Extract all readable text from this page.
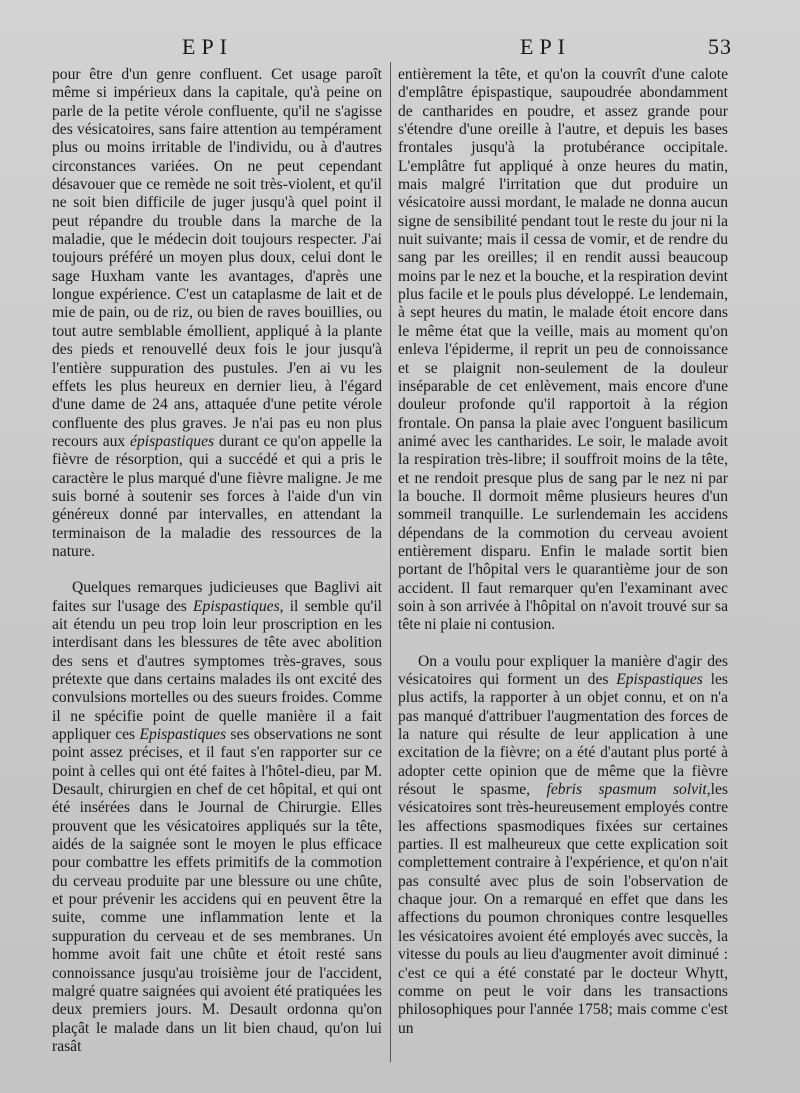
EPI	EPI	53

pour être d'un genre confluent. Cet usage paroît même si impérieux dans la capitale, qu'à peine on parle de la petite vérole confluente, qu'il ne s'agisse des vésicatoires, sans faire attention au tempérament plus ou moins irritable de l'individu, ou à d'autres circonstances variées. On ne peut cependant désavouer que ce remède ne soit très-violent, et qu'il ne soit bien difficile de juger jusqu'à quel point il peut répandre du trouble dans la marche de la maladie, que le médecin doit toujours respecter. J'ai toujours préféré un moyen plus doux, celui dont le sage Huxham vante les avantages, d'après une longue expérience. C'est un cataplasme de lait et de mie de pain, ou de riz, ou bien de raves bouillies, ou tout autre semblable émollient, appliqué à la plante des pieds et renouvellé deux fois le jour jusqu'à l'entière suppuration des pustules. J'en ai vu les effets les plus heureux en dernier lieu, à l'égard d'une dame de 24 ans, attaquée d'une petite vérole confluente des plus graves. Je n'ai pas eu non plus recours aux épispastiques durant ce qu'on appelle la fièvre de résorption, qui a succédé et qui a pris le caractère le plus marqué d'une fièvre maligne. Je me suis borné à soutenir ses forces à l'aide d'un vin généreux donné par intervalles, en attendant la terminaison de la maladie des ressources de la nature.

Quelques remarques judicieuses que Baglivi ait faites sur l'usage des Epispastiques, il semble qu'il ait étendu un peu trop loin leur proscription en les interdisant dans les blessures de tête avec abolition des sens et d'autres symptomes très-graves, sous prétexte que dans certains malades ils ont excité des convulsions mortelles ou des sueurs froides. Comme il ne spécifie point de quelle manière il a fait appliquer ces Epispastiques ses observations ne sont point assez précises, et il faut s'en rapporter sur ce point à celles qui ont été faites à l'hôtel-dieu, par M. Desault, chirurgien en chef de cet hôpital, et qui ont été insérées dans le Journal de Chirurgie. Elles prouvent que les vésicatoires appliqués sur la tête, aidés de la saignée sont le moyen le plus efficace pour combattre les effets primitifs de la commotion du cerveau produite par une blessure ou une chûte, et pour prévenir les accidens qui en peuvent être la suite, comme une inflammation lente et la suppuration du cerveau et de ses membranes. Un homme avoit fait une chûte et étoit resté sans connoissance jusqu'au troisième jour de l'accident, malgré quatre saignées qui avoient été pratiquées les deux premiers jours. M. Desault ordonna qu'on plaçât le malade dans un lit bien chaud, qu'on lui rasât

entièrement la tête, et qu'on la couvrît d'une calote d'emplâtre épispastique, saupoudrée abondamment de cantharides en poudre, et assez grande pour s'étendre d'une oreille à l'autre, et depuis les bases frontales jusqu'à la protubérance occipitale. L'emplâtre fut appliqué à onze heures du matin, mais malgré l'irritation que dut produire un vésicatoire aussi mordant, le malade ne donna aucun signe de sensibilité pendant tout le reste du jour ni la nuit suivante; mais il cessa de vomir, et de rendre du sang par les oreilles; il en rendit aussi beaucoup moins par le nez et la bouche, et la respiration devint plus facile et le pouls plus développé. Le lendemain, à sept heures du matin, le malade étoit encore dans le même état que la veille, mais au moment qu'on enleva l'épiderme, il reprit un peu de connoissance et se plaignit non-seulement de la douleur inséparable de cet enlèvement, mais encore d'une douleur profonde qu'il rapportoit à la région frontale. On pansa la plaie avec l'onguent basilicum animé avec les cantharides. Le soir, le malade avoit la respiration très-libre; il souffroit moins de la tête, et ne rendoit presque plus de sang par le nez ni par la bouche. Il dormoit même plusieurs heures d'un sommeil tranquille. Le surlendemain les accidens dépendans de la commotion du cerveau avoient entièrement disparu. Enfin le malade sortit bien portant de l'hôpital vers le quarantième jour de son accident. Il faut remarquer qu'en l'examinant avec soin à son arrivée à l'hôpital on n'avoit trouvé sur sa tête ni plaie ni contusion.

On a voulu pour expliquer la manière d'agir des vésicatoires qui forment un des Epispastiques les plus actifs, la rapporter à un objet connu, et on n'a pas manqué d'attribuer l'augmentation des forces de la nature qui résulte de leur application à une excitation de la fièvre; on a été d'autant plus porté à adopter cette opinion que de même que la fièvre résout le spasme, febris spasmum solvit,les vésicatoires sont très-heureusement employés contre les affections spasmodiques fixées sur certaines parties. Il est malheureux que cette explication soit complettement contraire à l'expérience, et qu'on n'ait pas consulté avec plus de soin l'observation de chaque jour. On a remarqué en effet que dans les affections du poumon chroniques contre lesquelles les vésicatoires avoient été employés avec succès, la vitesse du pouls au lieu d'augmenter avoit diminué : c'est ce qui a été constaté par le docteur Whytt, comme on peut le voir dans les transactions philosophiques pour l'année 1758; mais comme c'est un
